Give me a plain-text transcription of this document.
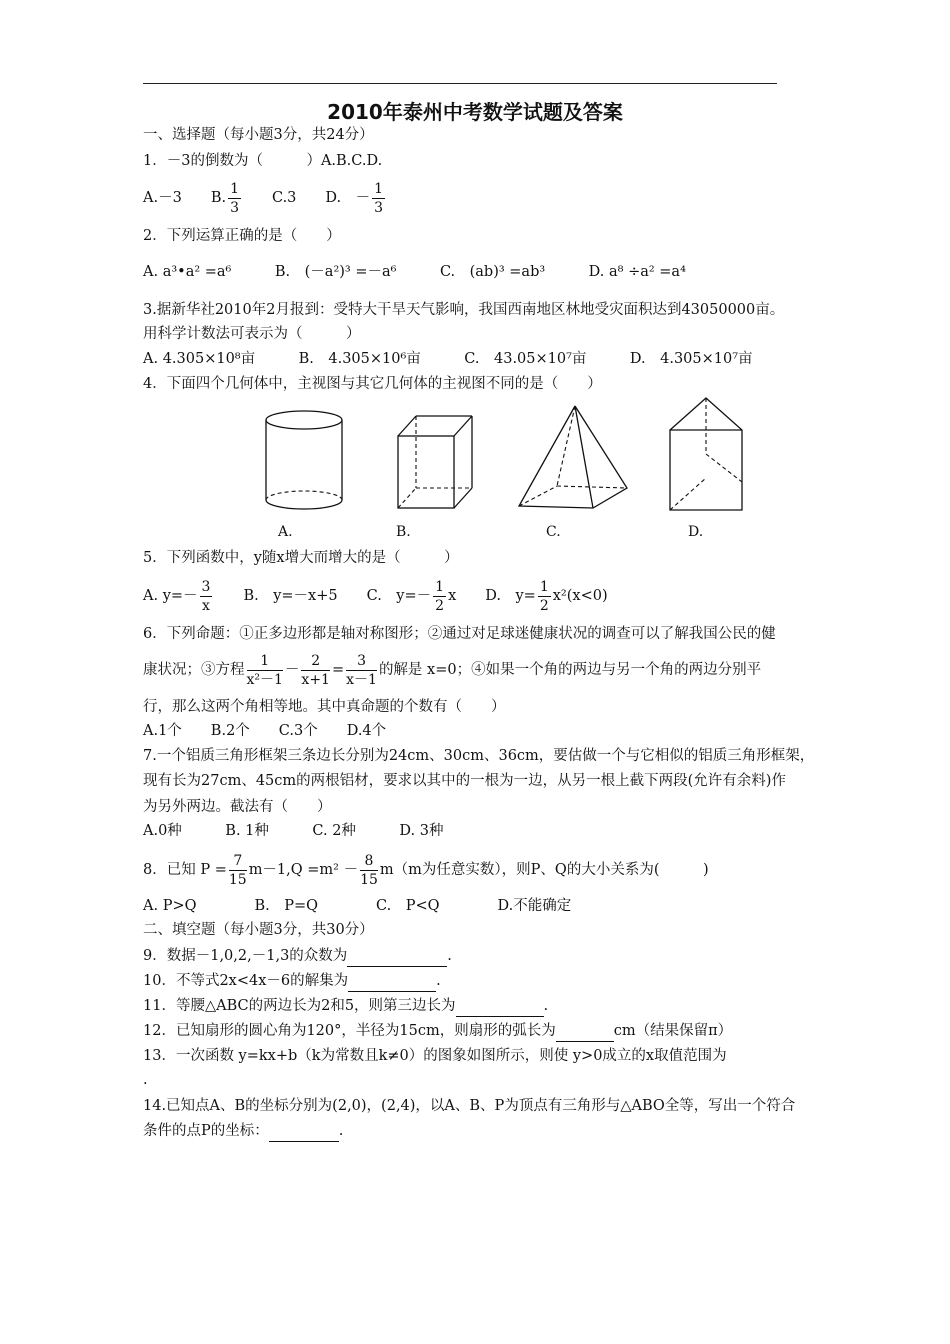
2010年泰州中考数学试题及答案
一、选择题（每小题3分，共24分）
1．－3的倒数为（　　　）A.B.C.D.
A.－3　　 B. $\frac{1}{3}$
　　 C.3　　 D.　－ $\frac{1}{3}$
2．下列运算正确的是（　　）
A. a³•a² =a⁶　　　B.　(－a²)³ =－a⁶　　　C.　(ab)³ =ab³　　　D. a⁸ ÷a² =a⁴
3.据新华社2010年2月报到：受特大干旱天气影响，我国西南地区林地受灾面积达到43050000亩。
用科学计数法可表示为（　　　）
A. 4.305×10⁸亩　　　B.　4.305×10⁶亩　　　C.　43.05×10⁷亩　　　D.　4.305×10⁷亩
4．下面四个几何体中，主视图与其它几何体的主视图不同的是（　　）
A.	B.	C.	D.
5．下列函数中，y随x增大而增大的是（　　　）
A. $y=- \frac{3}{x}$
　　 B.　y=－x+5　　 C.　$y=- \frac{1}{2}$ x　　 D.　$y= \frac{1}{2} x^2(x<0)$
6．下列命题：①正多边形都是轴对称图形；②通过对足球迷健康状况的调查可以了解我国公民的健
康状况；③方程 $\frac{1}{\text{x²－1}} - \frac{2}{x+1} = \frac{3}{x-1}$ 的解是 x=0；④如果一个角的两边与另一个角的两边分别平
行，那么这两个角相等地。其中真命题的个数有（　　）
A.1个　　B.2个　　C.3个　　D.4个
7.一个铝质三角形框架三条边长分别为24cm、30cm、36cm，要估做一个与它相似的铝质三角形框架，
现有长为27cm、45cm的两根铝材，要求以其中的一根为一边，从另一根上截下两段(允许有余料)作
为另外两边。截法有（　　）
A.0种　　　B. 1种　　　C. 2种　　　D. 3种
8．已知 $P = \frac{7}{15} m-1,Q =m^2 - \frac{8}{15} m(m$为任意实数），则P、Q的大小关系为(　　　)
A. P>Q　　　　B.　P=Q　　　　C.　P<Q　　　　D.不能确定
二、填空题（每小题3分，共30分）
9．数据－1,0,2,－1,3的众数为	.
10．不等式2x<4x－6的解集为	.
11．等腰△ABC的两边长为2和5，则第三边长为	.
12．已知扇形的圆心角为120°，半径为15cm，则扇形的弧长为	cm（结果保留π）
13．一次函数 y=kx+b（k为常数且k≠0）的图象如图所示，则使 y>0成立的x取值范围为
.
14.已知点A、B的坐标分别为(2,0)，(2,4)，以A、B、P为顶点有三角形与△ABO全等，写出一个符合
条件的点P的坐标：	.
